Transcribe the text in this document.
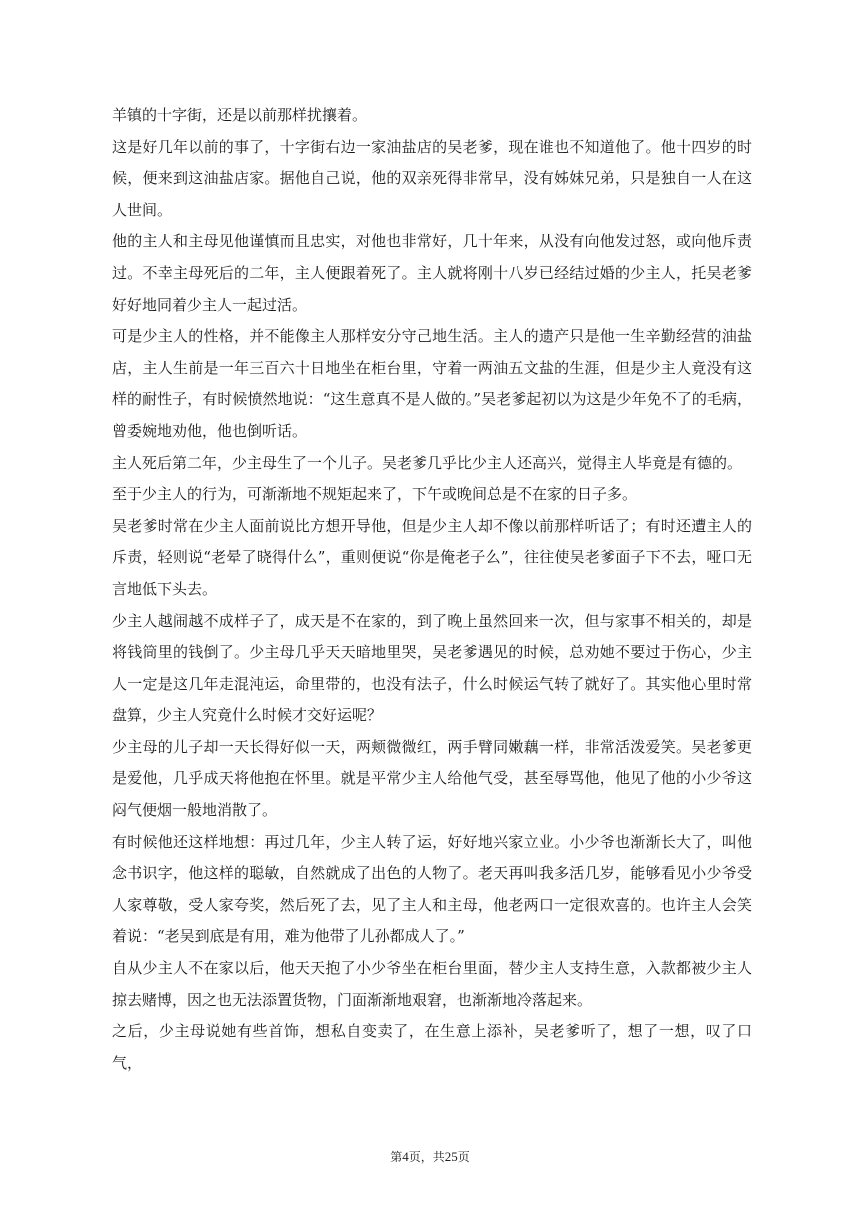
羊镇的十字街，还是以前那样扰攘着。

这是好几年以前的事了，十字街右边一家油盐店的吴老爹，现在谁也不知道他了。他十四岁的时候，便来到这油盐店家。据他自己说，他的双亲死得非常早，没有姊妹兄弟，只是独自一人在这人世间。

他的主人和主母见他谨慎而且忠实，对他也非常好，几十年来，从没有向他发过怒，或向他斥责过。不幸主母死后的二年，主人便跟着死了。主人就将刚十八岁已经结过婚的少主人，托吴老爹好好地同着少主人一起过活。

可是少主人的性格，并不能像主人那样安分守己地生活。主人的遗产只是他一生辛勤经营的油盐店，主人生前是一年三百六十日地坐在柜台里，守着一两油五文盐的生涯，但是少主人竟没有这样的耐性子，有时候愤然地说：“这生意真不是人做的。”吴老爹起初以为这是少年免不了的毛病，曾委婉地劝他，他也倒听话。

主人死后第二年，少主母生了一个儿子。吴老爹几乎比少主人还高兴，觉得主人毕竟是有德的。

至于少主人的行为，可渐渐地不规矩起来了，下午或晚间总是不在家的日子多。

吴老爹时常在少主人面前说比方想开导他，但是少主人却不像以前那样听话了；有时还遭主人的斥责，轻则说“老晕了晓得什么”，重则便说“你是俺老子么”，往往使吴老爹面子下不去，哑口无言地低下头去。

少主人越闹越不成样子了，成天是不在家的，到了晚上虽然回来一次，但与家事不相关的，却是将钱筒里的钱倒了。少主母几乎天天暗地里哭，吴老爹遇见的时候，总劝她不要过于伤心，少主人一定是这几年走混沌运，命里带的，也没有法子，什么时候运气转了就好了。其实他心里时常盘算，少主人究竟什么时候才交好运呢？

少主母的儿子却一天长得好似一天，两颊微微红，两手臂同嫩藕一样，非常活泼爱笑。吴老爹更是爱他，几乎成天将他抱在怀里。就是平常少主人给他气受，甚至辱骂他，他见了他的小少爷这闷气便烟一般地消散了。

有时候他还这样地想：再过几年，少主人转了运，好好地兴家立业。小少爷也渐渐长大了，叫他念书识字，他这样的聪敏，自然就成了出色的人物了。老天再叫我多活几岁，能够看见小少爷受人家尊敬，受人家夸奖，然后死了去，见了主人和主母，他老两口一定很欢喜的。也许主人会笑着说：“老吴到底是有用，难为他带了儿孙都成人了。”

自从少主人不在家以后，他天天抱了小少爷坐在柜台里面，替少主人支持生意，入款都被少主人掠去赌博，因之也无法添置货物，门面渐渐地艰窘，也渐渐地冷落起来。

之后，少主母说她有些首饰，想私自变卖了，在生意上添补，吴老爹听了，想了一想，叹了口气，

第4页，共25页
